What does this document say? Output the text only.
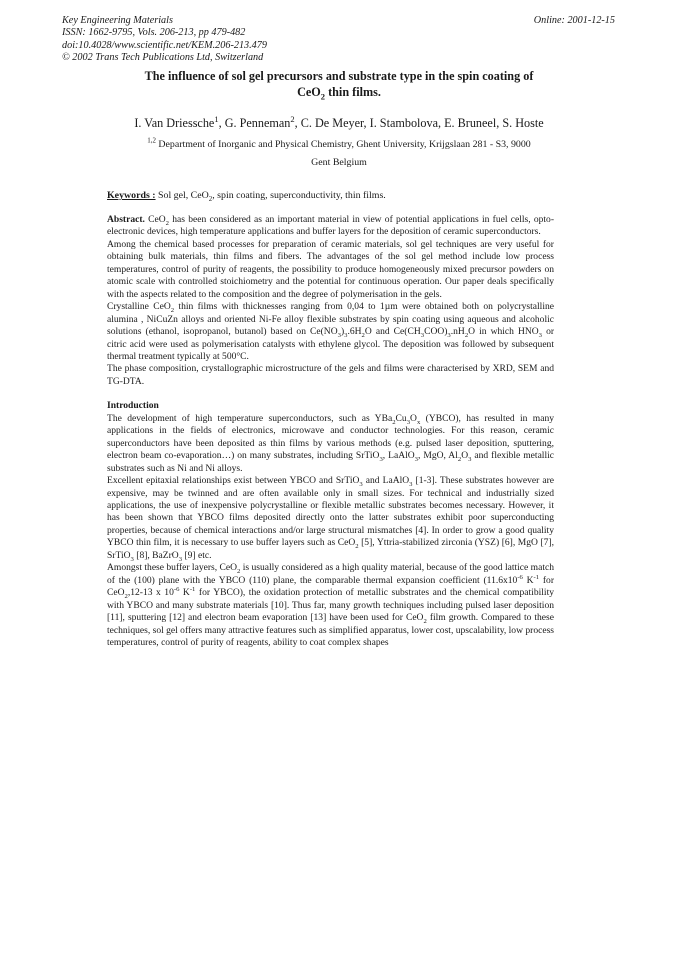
Key Engineering Materials
ISSN: 1662-9795, Vols. 206-213, pp 479-482
doi:10.4028/www.scientific.net/KEM.206-213.479
© 2002 Trans Tech Publications Ltd, Switzerland
Online: 2001-12-15
The influence of sol gel precursors and substrate type in the spin coating of
CeO$_2$ thin films.
I. Van Driessche$^1$, G. Penneman$^2$, C. De Meyer, I. Stambolova, E. Bruneel, S. Hoste
$^{1,2}$ Department of Inorganic and Physical Chemistry, Ghent University, Krijgslaan 281 - S3, 9000
Gent Belgium
Keywords : Sol gel, CeO$_2$, spin coating, superconductivity, thin films.

Abstract. CeO$_2$ has been considered as an important material in view of potential applications in fuel cells, opto-electronic devices, high temperature applications and buffer layers for the deposition of ceramic superconductors.

Among the chemical based processes for preparation of ceramic materials, sol gel techniques are very useful for obtaining bulk materials, thin films and fibers. The advantages of the sol gel method include low process temperatures, control of purity of reagents, the possibility to produce homogeneously mixed precursor powders on atomic scale with controlled stoichiometry and the potential for continuous operation. Our paper deals specifically with the aspects related to the composition and the degree of polymerisation in the gels.

Crystalline CeO$_2$ thin films with thicknesses ranging from 0,04 to 1µm were obtained both on polycrystalline alumina , NiCuZn alloys and oriented Ni-Fe alloy flexible substrates by spin coating using aqueous and alcoholic solutions (ethanol, isopropanol, butanol) based on $Ce(NO_3)_3.6H_2O$ and $Ce(CH_3COO)_3.nH_2O$ in which $HNO_3$ or citric acid were used as polymerisation catalysts with ethylene glycol. The deposition was followed by subsequent thermal treatment typically at 500°C.

The phase composition, crystallographic microstructure of the gels and films were characterised by XRD, SEM and TG-DTA.

Introduction

The development of high temperature superconductors, such as $YBa_2Cu_3O_x$ (YBCO), has resulted in many applications in the fields of electronics, microwave and conductor technologies. For this reason, ceramic superconductors have been deposited as thin films by various methods (e.g. pulsed laser deposition, sputtering, electron beam co-evaporation…) on many substrates, including SrTiO$_3$, LaAlO$_3$, MgO, $Al_2O_3$ and flexible metallic substrates such as Ni and Ni alloys.

Excellent epitaxial relationships exist between YBCO and SrTiO$_3$ and LaAlO$_3$ [1-3]. These substrates however are expensive, may be twinned and are often available only in small sizes. For technical and industrially sized applications, the use of inexpensive polycrystalline or flexible metallic substrates becomes necessary. However, it has been shown that YBCO films deposited directly onto the latter substrates exhibit poor superconducting properties, because of chemical interactions and/or large structural mismatches [4]. In order to grow a good quality YBCO thin film, it is necessary to use buffer layers such as CeO$_2$ [5], Yttria-stabilized zirconia (YSZ) [6], MgO [7], SrTiO$_3$ [8], BaZrO$_3$ [9] etc.

Amongst these buffer layers, CeO$_2$ is usually considered as a high quality material, because of the good lattice match of the (100) plane with the YBCO (110) plane, the comparable thermal expansion coefficient ($11.6x10^{-6}$ $K^{-1}$ for CeO$_2$,12-13 x $10^{-6}$ $K^{-1}$ for YBCO), the oxidation protection of metallic substrates and the chemical compatibility with YBCO and many substrate materials [10]. Thus far, many growth techniques including pulsed laser deposition [11], sputtering [12] and electron beam evaporation [13] have been used for CeO$_2$ film growth. Compared to these techniques, sol gel offers many attractive features such as simplified apparatus, lower cost, upscalability, low process temperatures, control of purity of reagents, ability to coat complex shapes
